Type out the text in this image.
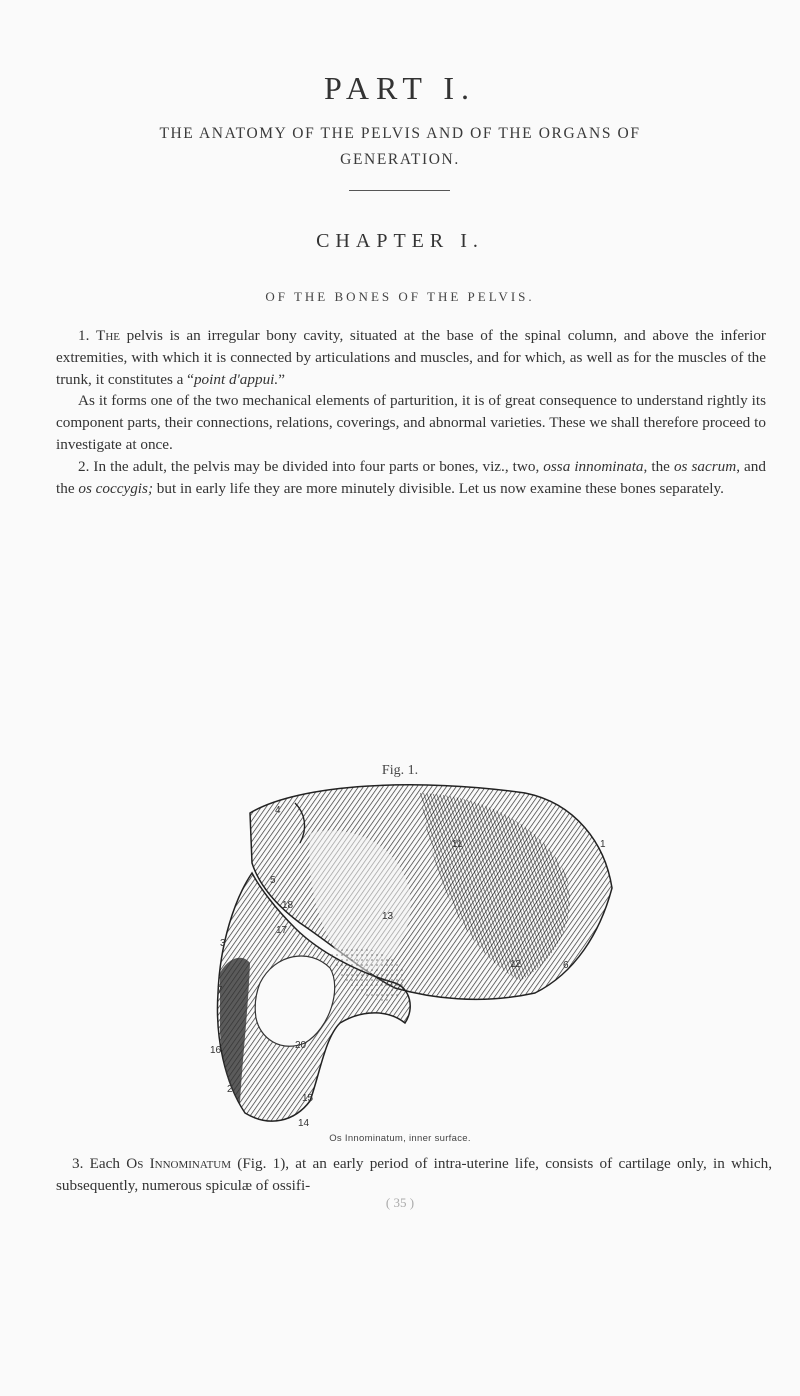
PART I.
THE ANATOMY OF THE PELVIS AND OF THE ORGANS OF GENERATION.
CHAPTER I.
OF THE BONES OF THE PELVIS.

1. The pelvis is an irregular bony cavity, situated at the base of the spinal column, and above the inferior extremities, with which it is connected by articulations and muscles, and for which, as well as for the muscles of the trunk, it constitutes a “point d'appui.”

As it forms one of the two mechanical elements of parturition, it is of great consequence to understand rightly its component parts, their connections, relations, coverings, and abnormal varieties. These we shall therefore proceed to investigate at once.

2. In the adult, the pelvis may be divided into four parts or bones, viz., two, ossa innominata, the os sacrum, and the os coccygis; but in early life they are more minutely divisible. Let us now examine these bones separately.

Fig. 1.
4
5
18
17
3
7
16
2
20
15
11	1
6
13
14
12
Os Innominatum, inner surface.

3. Each Os Innominatum (Fig. 1), at an early period of intra-uterine life, consists of cartilage only, in which, subsequently, numerous spiculæ of ossifi-

( 35 )
